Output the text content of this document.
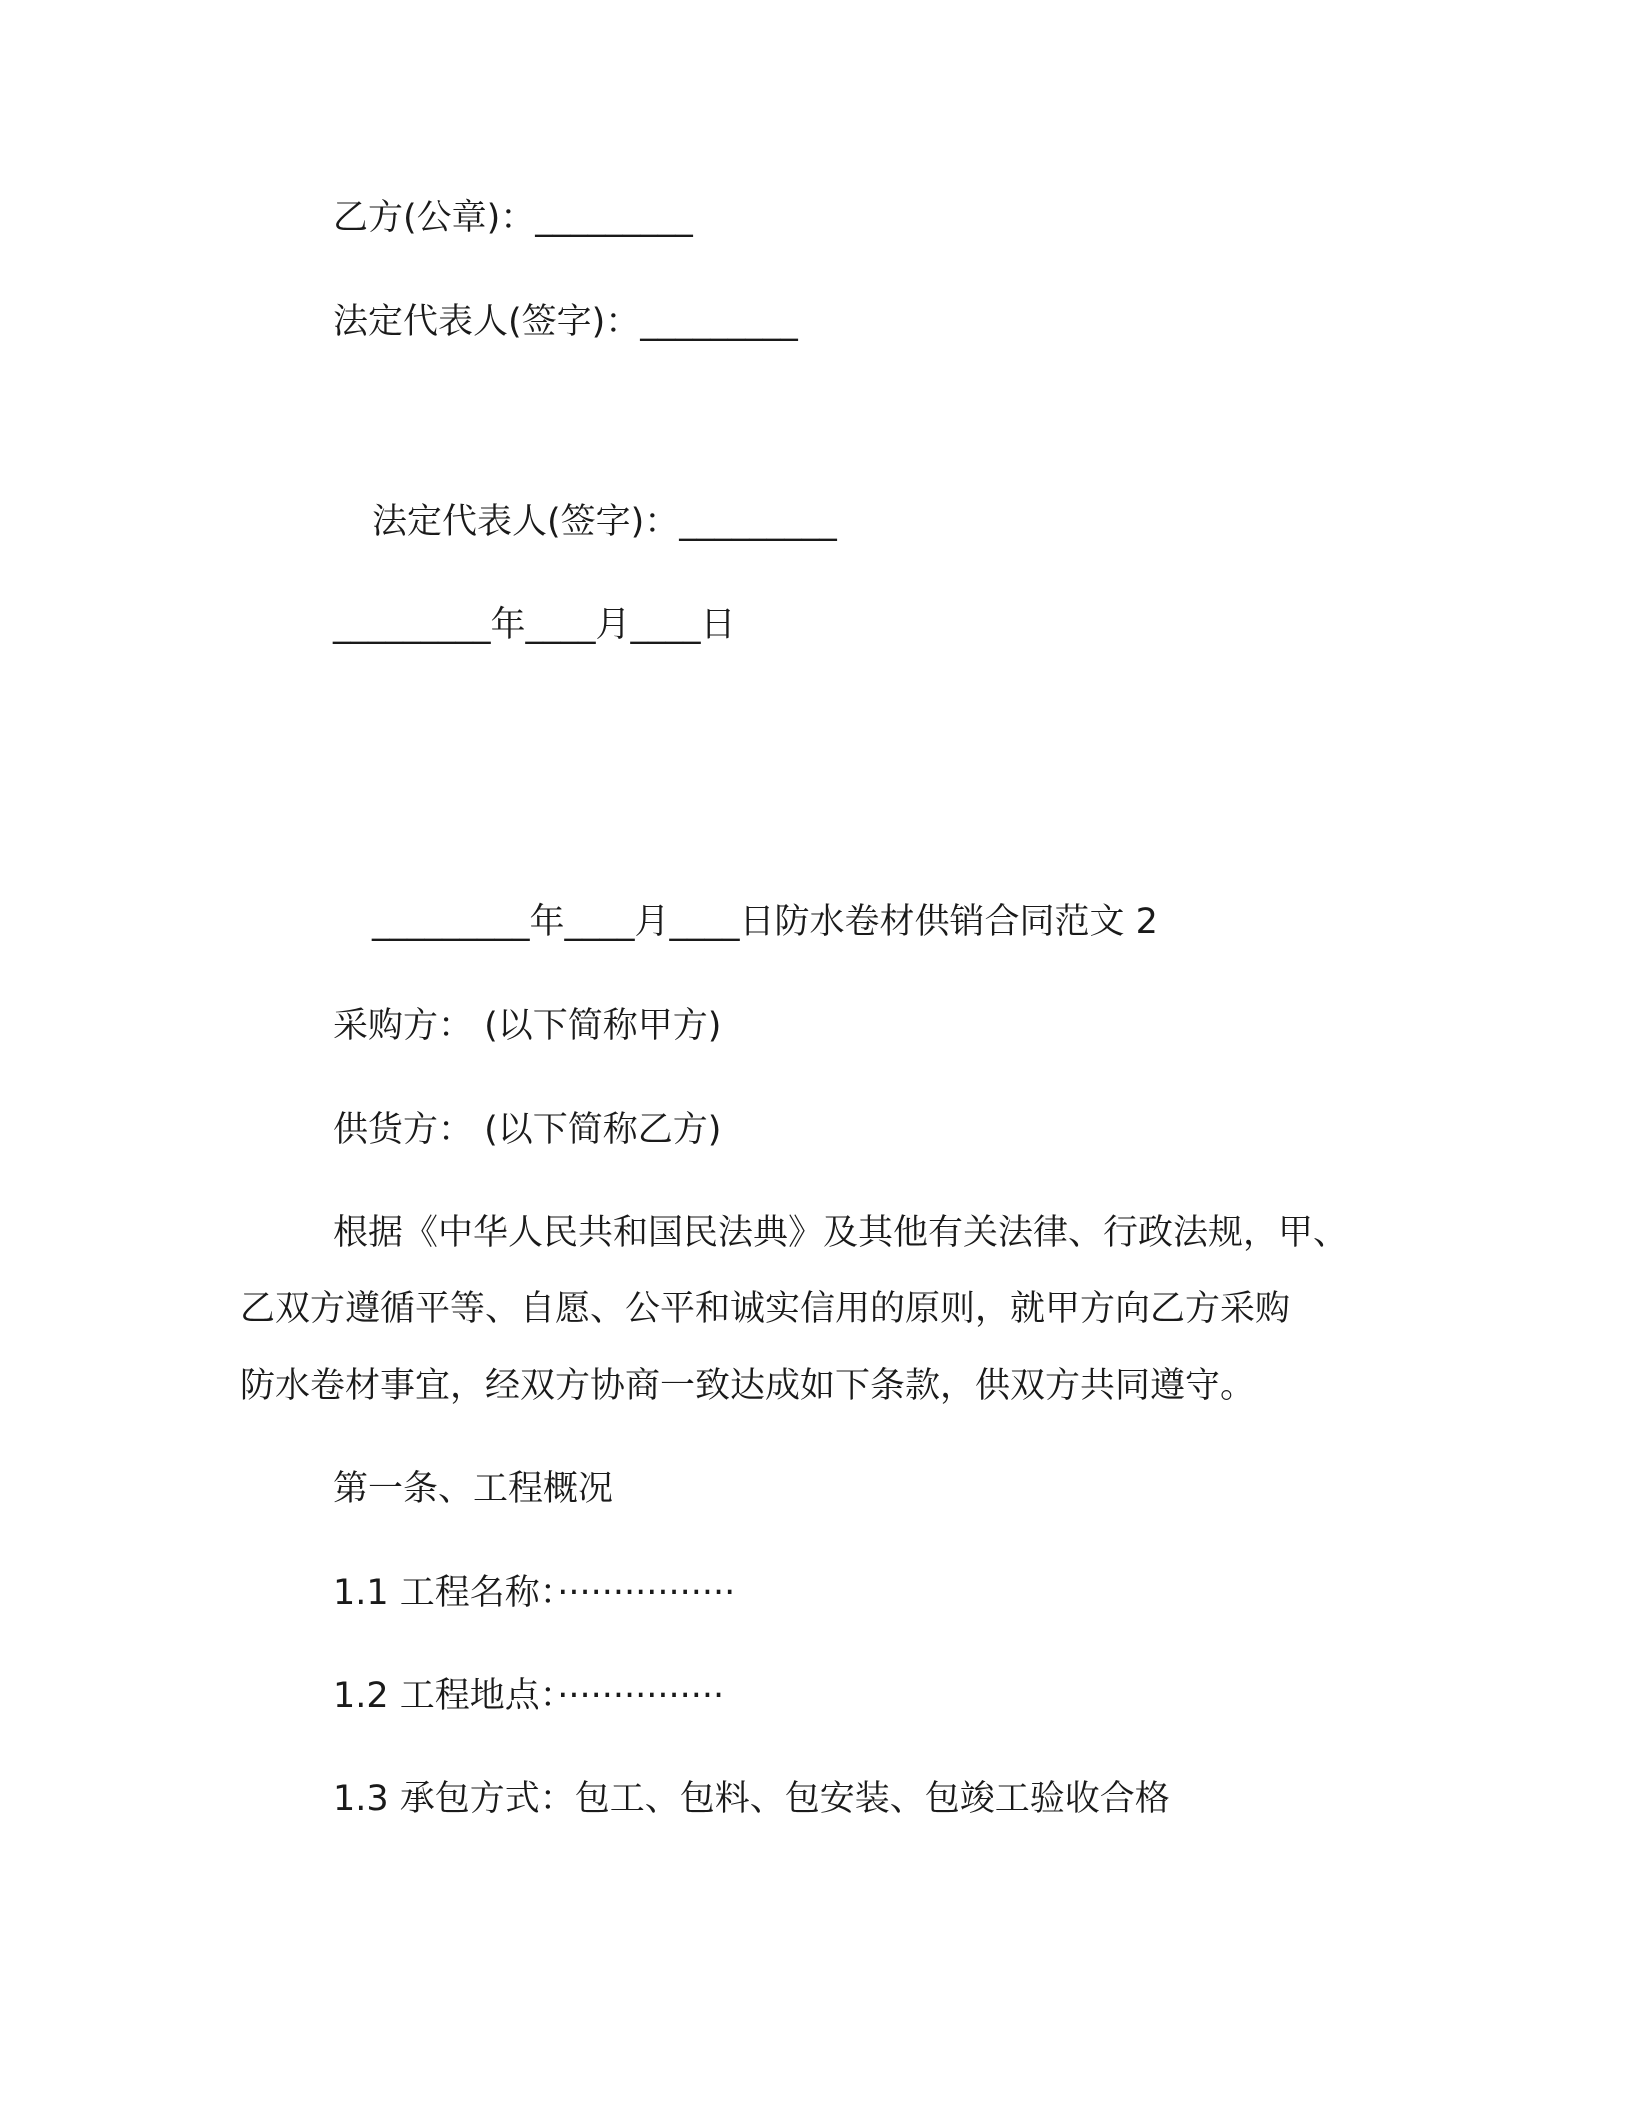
乙方(公章)：_________
法定代表人(签字)：_________
法定代表人(签字)：_________
_________年____月____日
_________年____月____日防水卷材供销合同范文 2
采购方： (以下简称甲方)
供货方： (以下简称乙方)
根据《中华人民共和国民法典》及其他有关法律、行政法规，甲、
乙双方遵循平等、自愿、公平和诚实信用的原则，就甲方向乙方采购
防水卷材事宜，经双方协商一致达成如下条款，供双方共同遵守。
第一条、工程概况
1.1 工程名称：················
1.2 工程地点：···············
1.3 承包方式：包工、包料、包安装、包竣工验收合格
